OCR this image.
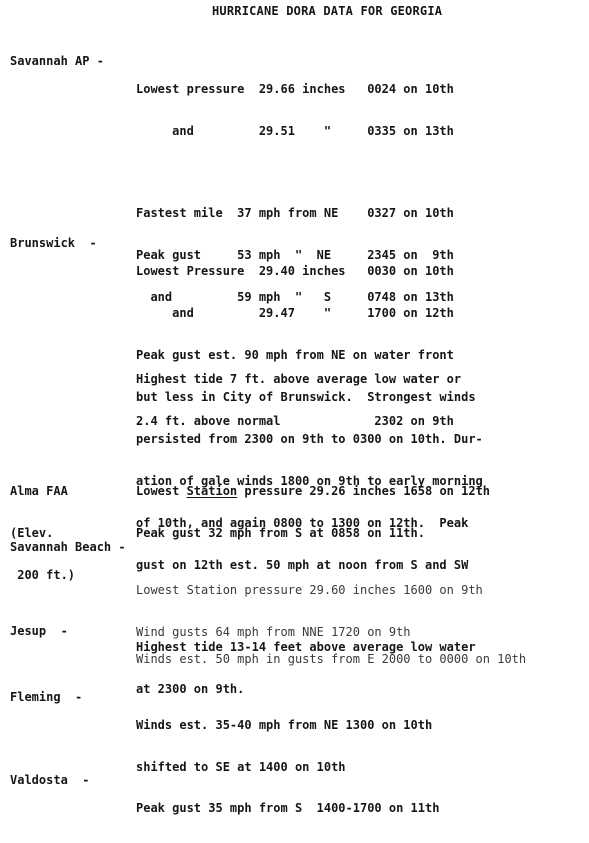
HURRICANE DORA DATA FOR GEORGIA
Savannah AP -

Lowest pressure  29.66 inches   0024 on 10th

and         29.51    "     0335 on 13th

Fastest mile  37 mph from NE    0327 on 10th

Peak gust     53 mph  "  NE     2345 on  9th

and         59 mph  "   S     0748 on 13th

Highest tide 7 ft. above average low water or

2.4 ft. above normal             2302 on 9th

Brunswick  -

Lowest Pressure  29.40 inches   0030 on 10th

and         29.47    "     1700 on 12th

Peak gust est. 90 mph from NE on water front

but less in City of Brunswick.  Strongest winds

persisted from 2300 on 9th to 0300 on 10th. Dur-

ation of gale winds 1800 on 9th to early morning

of 10th, and again 0800 to 1300 on 12th.  Peak

gust on 12th est. 50 mph at noon from S and SW

Highest tide 13-14 feet above average low water

at 2300 on 9th.

Alma FAA

(Elev.

200 ft.)

Lowest Station pressure 29.26 inches 1658 on 12th

Peak gust 32 mph from S at 0858 on 11th.

Savannah Beach -

Lowest Station pressure 29.60 inches 1600 on 9th

Wind gusts 64 mph from NNE 1720 on 9th

Jesup  -

Winds est. 50 mph in gusts from E 2000 to 0000 on 10th

Fleming  -

Winds est. 35-40 mph from NE 1300 on 10th

shifted to SE at 1400 on 10th

Valdosta  -

Peak gust 35 mph from S  1400-1700 on 11th
